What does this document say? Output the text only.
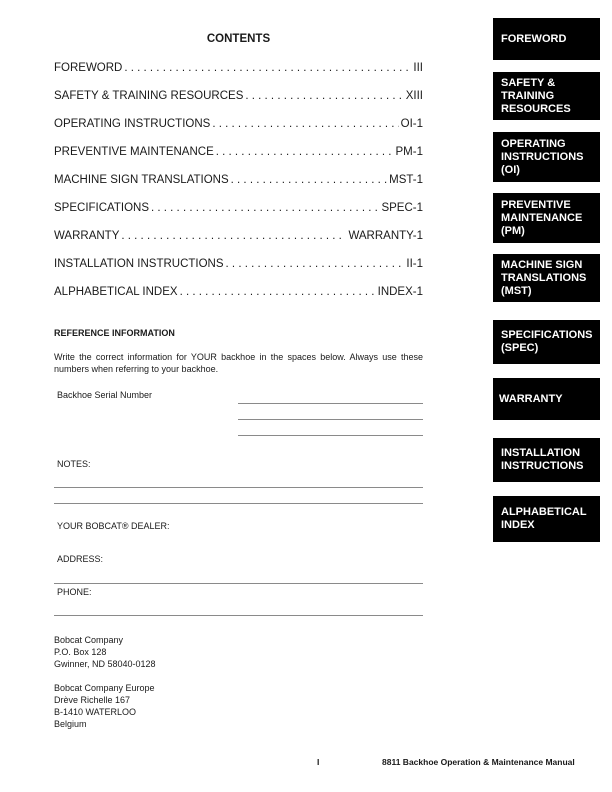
CONTENTS
FOREWORD . . .	III
SAFETY & TRAINING RESOURCES . . .	XIII
OPERATING INSTRUCTIONS . . .	OI-1
PREVENTIVE MAINTENANCE . . .	PM-1
MACHINE SIGN TRANSLATIONS . . .	MST-1
SPECIFICATIONS . . .	SPEC-1
WARRANTY . . .	WARRANTY-1
INSTALLATION INSTRUCTIONS . . .	II-1
ALPHABETICAL INDEX . . .	INDEX-1
REFERENCE INFORMATION
Write the correct information for YOUR backhoe in the spaces below. Always use these numbers when referring to your backhoe.
Backhoe Serial Number
NOTES:
YOUR BOBCAT® DEALER:
ADDRESS:
PHONE:
Bobcat Company
P.O. Box 128
Gwinner, ND 58040-0128
Bobcat Company Europe
Drève Richelle 167
B-1410 WATERLOO
Belgium
FOREWORD
SAFETY &
TRAINING
RESOURCES
OPERATING
INSTRUCTIONS
(OI)
PREVENTIVE
MAINTENANCE
(PM)
MACHINE SIGN
TRANSLATIONS
(MST)
SPECIFICATIONS
(SPEC)
WARRANTY
INSTALLATION
INSTRUCTIONS
ALPHABETICAL
INDEX
I	8811 Backhoe Operation & Maintenance Manual
